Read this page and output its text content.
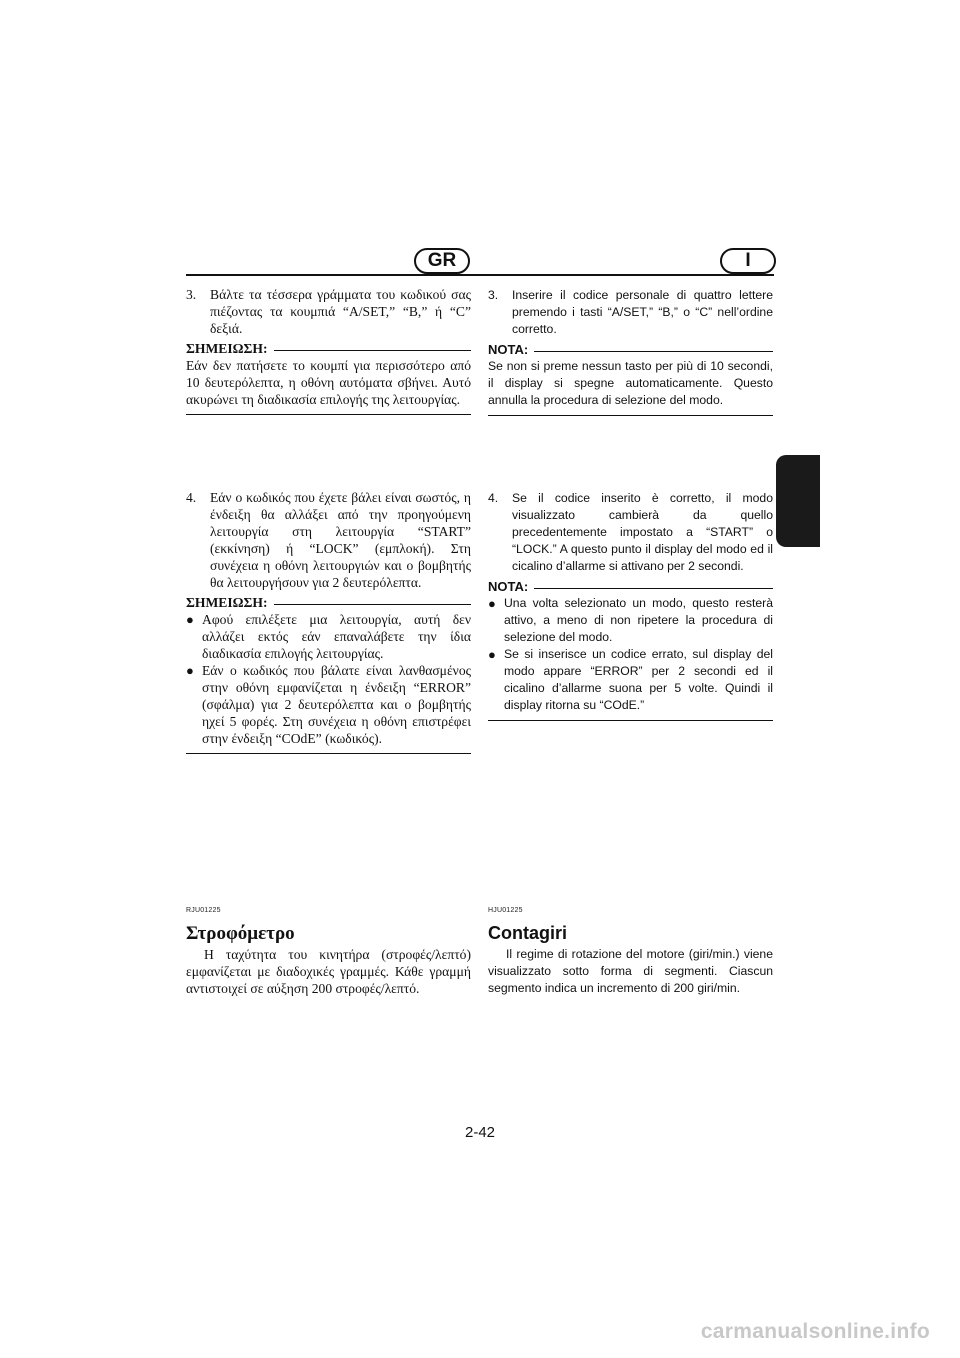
GR	I
3.	Βάλτε τα τέσσερα γράμματα του κωδικού σας πιέζοντας τα κουμπιά “A/SET,” “B,” ή “C” δεξιά.
ΣΗΜΕΙΩΣΗ:
Εάν δεν πατήσετε το κουμπί για περισσότερο από 10 δευτερόλεπτα, η οθόνη αυτόματα σβήνει. Αυτό ακυρώνει τη διαδικασία επιλογής της λειτουργίας.
3.	Inserire il codice personale di quattro lettere premendo i tasti “A/SET,” “B,” o “C” nell’ordine corretto.
NOTA:
Se non si preme nessun tasto per più di 10 secondi, il display si spegne automaticamente. Questo annulla la procedura di selezione del modo.
4.	Εάν ο κωδικός που έχετε βάλει είναι σωστός, η ένδειξη θα αλλάξει από την προηγούμενη λειτουργία στη λειτουργία “START” (εκκίνηση) ή “LOCK” (εμπλοκή). Στη συνέχεια η οθόνη λειτουργιών και ο βομβητής θα λειτουργήσουν για 2 δευτερόλεπτα.
ΣΗΜΕΙΩΣΗ:
● Αφού επιλέξετε μια λειτουργία, αυτή δεν αλλάζει εκτός εάν επαναλάβετε την ίδια διαδικασία επιλογής λειτουργίας.
● Εάν ο κωδικός που βάλατε είναι λανθασμένος στην οθόνη εμφανίζεται η ένδειξη “ERROR” (σφάλμα) για 2 δευτερόλεπτα και ο βομβητής ηχεί 5 φορές. Στη συνέχεια η οθόνη επιστρέφει στην ένδειξη “COdE” (κωδικός).
4.	Se il codice inserito è corretto, il modo visualizzato cambierà da quello precedentemente impostato a “START” o “LOCK.” A questo punto il display del modo ed il cicalino d’allarme si attivano per 2 secondi.
NOTA:
● Una volta selezionato un modo, questo resterà attivo, a meno di non ripetere la procedura di selezione del modo.
● Se si inserisce un codice errato, sul display del modo appare “ERROR” per 2 secondi ed il cicalino d’allarme suona per 5 volte. Quindi il display ritorna su “COdE.”
RJU01225
Στροφόμετρο
Η ταχύτητα του κινητήρα (στροφές/λεπτό) εμφανίζεται με διαδοχικές γραμμές. Κάθε γραμμή αντιστοιχεί σε αύξηση 200 στροφές/λεπτό.
HJU01225
Contagiri
Il regime di rotazione del motore (giri/min.) viene visualizzato sotto forma di segmenti. Ciascun segmento indica un incremento di 200 giri/min.
2-42
carmanualsonline.info
